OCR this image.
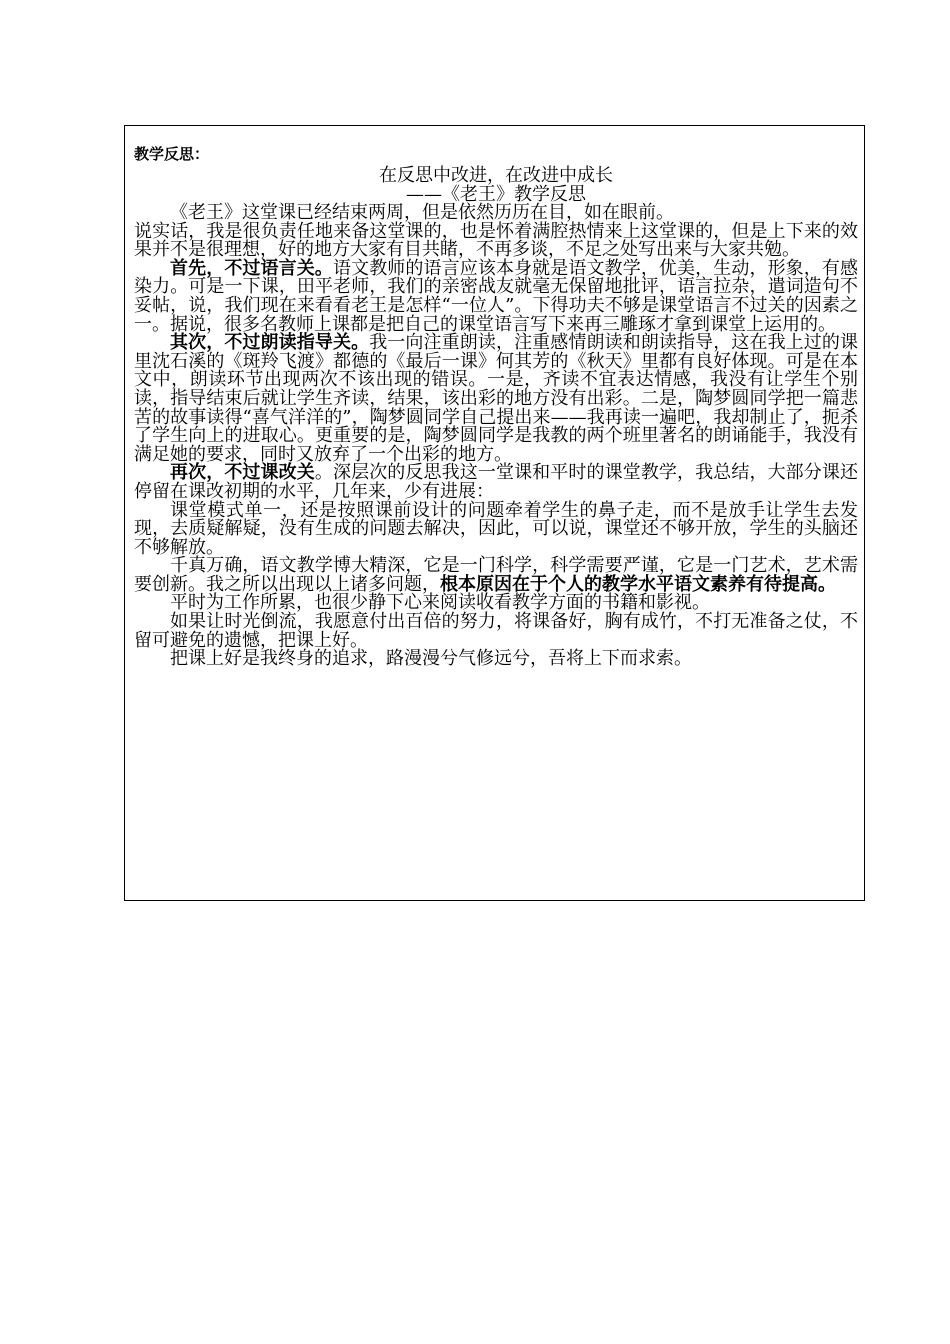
教学反思：

在反思中改进，在改进中成长

——《老王》教学反思

《老王》这堂课已经结束两周，但是依然历历在目，如在眼前。

说实话，我是很负责任地来备这堂课的，也是怀着满腔热情来上这堂课的，但是上下来的效果并不是很理想，好的地方大家有目共睹，不再多谈，不足之处写出来与大家共勉。

首先，不过语言关。语文教师的语言应该本身就是语文教学，优美，生动，形象，有感染力。可是一下课，田平老师，我们的亲密战友就毫无保留地批评，语言拉杂，遣词造句不妥帖，说，我们现在来看看老王是怎样“一位人”。下得功夫不够是课堂语言不过关的因素之一。据说，很多名教师上课都是把自己的课堂语言写下来再三雕琢才拿到课堂上运用的。

其次，不过朗读指导关。我一向注重朗读，注重感情朗读和朗读指导，这在我上过的课里沈石溪的《斑羚飞渡》都德的《最后一课》何其芳的《秋天》里都有良好体现。可是在本文中，朗读环节出现两次不该出现的错误。一是，齐读不宜表达情感，我没有让学生个别读，指导结束后就让学生齐读，结果，该出彩的地方没有出彩。二是，陶梦圆同学把一篇悲苦的故事读得“喜气洋洋的”，陶梦圆同学自己提出来——我再读一遍吧，我却制止了，扼杀了学生向上的进取心。更重要的是，陶梦圆同学是我教的两个班里著名的朗诵能手，我没有满足她的要求，同时又放弃了一个出彩的地方。

再次，不过课改关。深层次的反思我这一堂课和平时的课堂教学，我总结，大部分课还停留在课改初期的水平，几年来，少有进展：

课堂模式单一，还是按照课前设计的问题牵着学生的鼻子走，而不是放手让学生去发现，去质疑解疑，没有生成的问题去解决，因此，可以说，课堂还不够开放，学生的头脑还不够解放。

千真万确，语文教学博大精深，它是一门科学，科学需要严谨，它是一门艺术，艺术需要创新。我之所以出现以上诸多问题，根本原因在于个人的教学水平语文素养有待提高。

平时为工作所累，也很少静下心来阅读收看教学方面的书籍和影视。

如果让时光倒流，我愿意付出百倍的努力，将课备好，胸有成竹，不打无准备之仗，不留可避免的遗憾，把课上好。

把课上好是我终身的追求，路漫漫兮气修远兮，吾将上下而求索。
